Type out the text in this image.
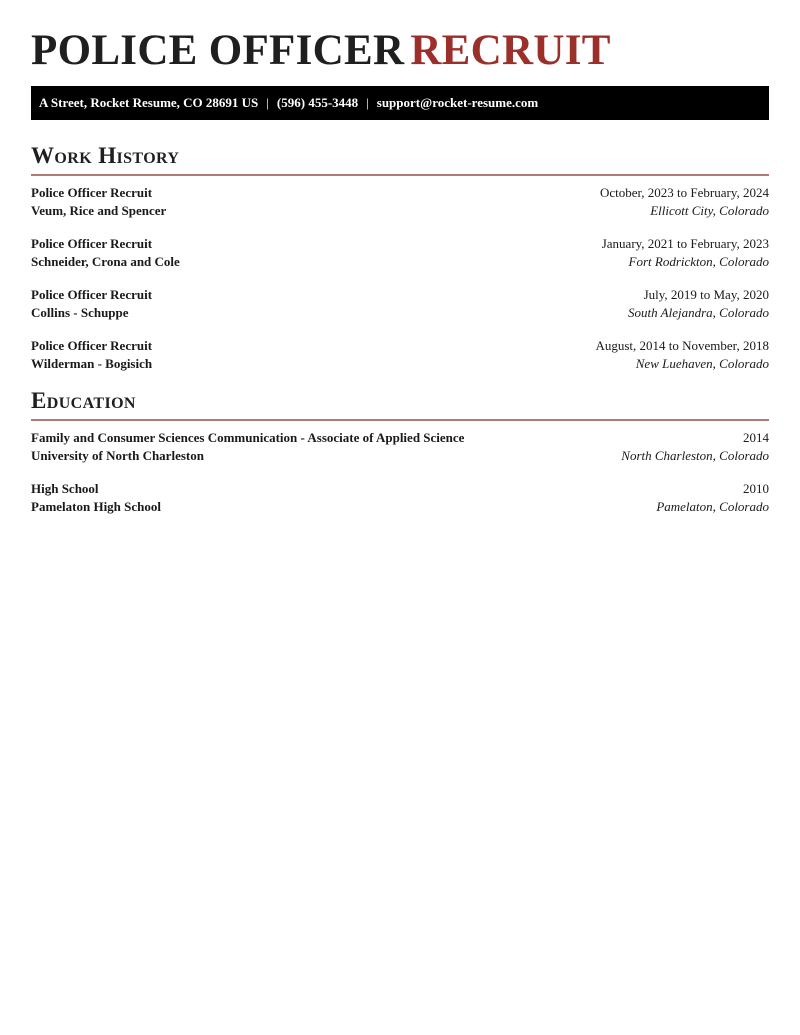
POLICE OFFICER RECRUIT
A Street, Rocket Resume, CO 28691 US | (596) 455-3448 | support@rocket-resume.com
Work History
Police Officer Recruit	October, 2023 to February, 2024
Veum, Rice and Spencer	Ellicott City, Colorado
Police Officer Recruit	January, 2021 to February, 2023
Schneider, Crona and Cole	Fort Rodrickton, Colorado
Police Officer Recruit	July, 2019 to May, 2020
Collins - Schuppe	South Alejandra, Colorado
Police Officer Recruit	August, 2014 to November, 2018
Wilderman - Bogisich	New Luehaven, Colorado
Education
Family and Consumer Sciences Communication - Associate of Applied Science	2014
University of North Charleston	North Charleston, Colorado
High School	2010
Pamelaton High School	Pamelaton, Colorado
